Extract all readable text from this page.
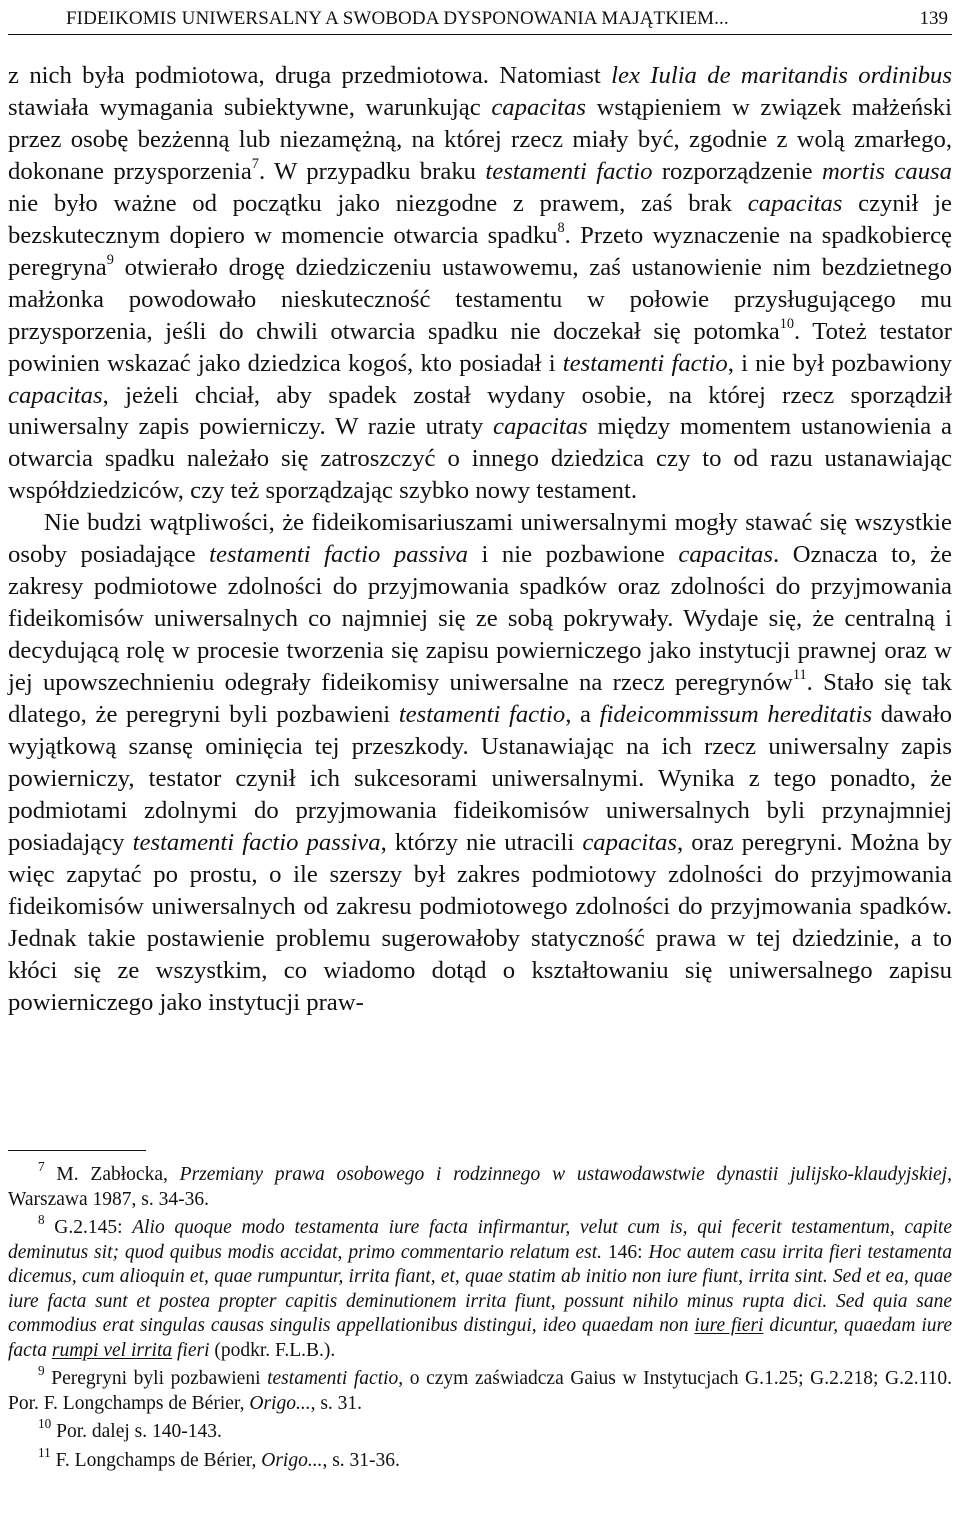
FIDEIKOMIS UNIWERSALNY A SWOBODA DYSPONOWANIA MAJĄTKIEM...	139

z nich była podmiotowa, druga przedmiotowa. Natomiast lex Iulia de maritandis ordinibus stawiała wymagania subiektywne, warunkując capacitas wstąpieniem w związek małżeński przez osobę bezżenną lub niezamężną, na której rzecz miały być, zgodnie z wolą zmarłego, dokonane przysporzenia$^7$. W przypadku braku testamenti factio rozporządzenie mortis causa nie było ważne od początku jako niezgodne z prawem, zaś brak capacitas czynił je bezskutecznym dopiero w momencie otwarcia spadku$^8$. Przeto wyznaczenie na spadkobiercę peregryna$^9$ otwierało drogę dziedziczeniu ustawowemu, zaś ustanowienie nim bezdzietnego małżonka powodowało nieskuteczność testamentu w połowie przysługującego mu przysporzenia, jeśli do chwili otwarcia spadku nie doczekał się potomka$^{10}$. Toteż testator powinien wskazać jako dziedzica kogoś, kto posiadał i testamenti factio, i nie był pozbawiony capacitas, jeżeli chciał, aby spadek został wydany osobie, na której rzecz sporządził uniwersalny zapis powierniczy. W razie utraty capacitas między momentem ustanowienia a otwarcia spadku należało się zatroszczyć o innego dziedzica czy to od razu ustanawiając współdziedziców, czy też sporządzając szybko nowy testament.

Nie budzi wątpliwości, że fideikomisariuszami uniwersalnymi mogły stawać się wszystkie osoby posiadające testamenti factio passiva i nie pozbawione capacitas. Oznacza to, że zakresy podmiotowe zdolności do przyjmowania spadków oraz zdolności do przyjmowania fideikomisów uniwersalnych co najmniej się ze sobą pokrywały. Wydaje się, że centralną i decydującą rolę w procesie tworzenia się zapisu powierniczego jako instytucji prawnej oraz w jej upowszechnieniu odegrały fideikomisy uniwersalne na rzecz peregrynów$^{11}$. Stało się tak dlatego, że peregryni byli pozbawieni testamenti factio, a fideicommissum hereditatis dawało wyjątkową szansę ominięcia tej przeszkody. Ustanawiając na ich rzecz uniwersalny zapis powierniczy, testator czynił ich sukcesorami uniwersalnymi. Wynika z tego ponadto, że podmiotami zdolnymi do przyjmowania fideikomisów uniwersalnych byli przynajmniej posiadający testamenti factio passiva, którzy nie utracili capacitas, oraz peregryni. Można by więc zapytać po prostu, o ile szerszy był zakres podmiotowy zdolności do przyjmowania fideikomisów uniwersalnych od zakresu podmiotowego zdolności do przyjmowania spadków. Jednak takie postawienie problemu sugerowałoby statyczność prawa w tej dziedzinie, a to kłóci się ze wszystkim, co wiadomo dotąd o kształtowaniu się uniwersalnego zapisu powierniczego jako instytucji praw-

$^7$ M. Zabłocka, Przemiany prawa osobowego i rodzinnego w ustawodawstwie dynastii julijsko-klaudyjskiej, Warszawa 1987, s. 34-36.

$^8$ G.2.145: Alio quoque modo testamenta iure facta infirmantur, velut cum is, qui fecerit testamentum, capite deminutus sit; quod quibus modis accidat, primo commentario relatum est. 146: Hoc autem casu irrita fieri testamenta dicemus, cum alioquin et, quae rumpuntur, irrita fiant, et, quae statim ab initio non iure fiunt, irrita sint. Sed et ea, quae iure facta sunt et postea propter capitis deminutionem irrita fiunt, possunt nihilo minus rupta dici. Sed quia sane commodius erat singulas causas singulis appellationibus distingui, ideo quaedam non iure fieri dicuntur, quaedam iure facta rumpi vel irrita fieri (podkr. F.L.B.).

$^9$ Peregryni byli pozbawieni testamenti factio, o czym zaświadcza Gaius w Instytucjach G.1.25; G.2.218; G.2.110. Por. F. Longchamps de Bérier, Origo..., s. 31.

$^{10}$ Por. dalej s. 140-143.

$^{11}$ F. Longchamps de Bérier, Origo..., s. 31-36.
